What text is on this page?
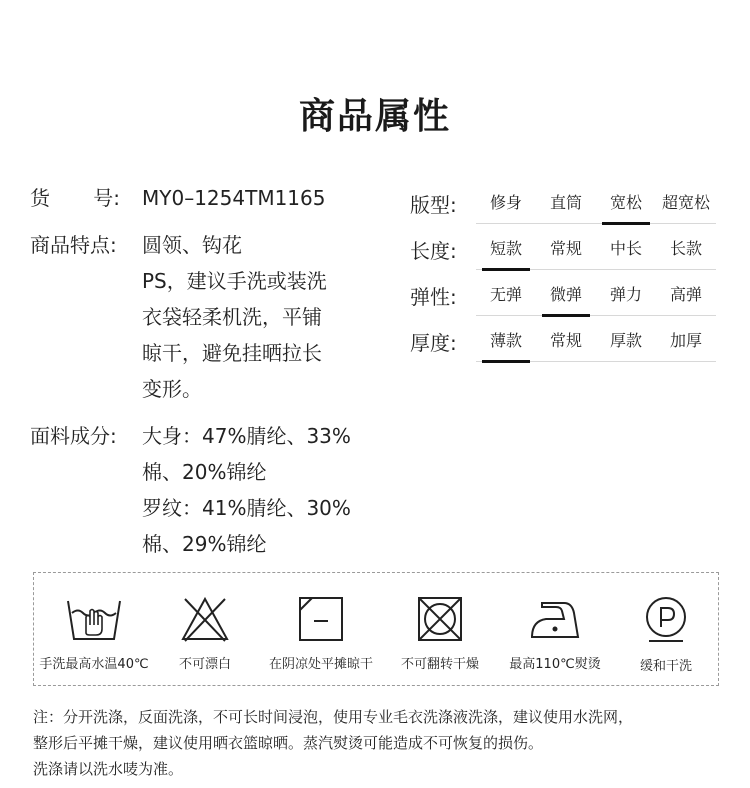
商品属性
货 号: MY0–1254TM1165
商品特点:	圆领、钩花
PS，建议手洗或装洗
衣袋轻柔机洗，平铺
晾干，避免挂晒拉长
变形。
面料成分:	大身：47%腈纶、33%
棉、20%锦纶
罗纹：41%腈纶、30%
棉、29%锦纶
版型:	修身	直筒	宽松	超宽松
长度:	短款	常规	中长	长款
弹性:	无弹	微弹	弹力	高弹
厚度:	薄款	常规	厚款	加厚
手洗最高水温40℃	不可漂白	在阴凉处平摊晾干	不可翻转干燥	最高110℃熨烫	缓和干洗
注：分开洗涤，反面洗涤，不可长时间浸泡，使用专业毛衣洗涤液洗涤，建议使用水洗网，
整形后平摊干燥，建议使用晒衣篮晾晒。蒸汽熨烫可能造成不可恢复的损伤。
洗涤请以洗水唛为准。
